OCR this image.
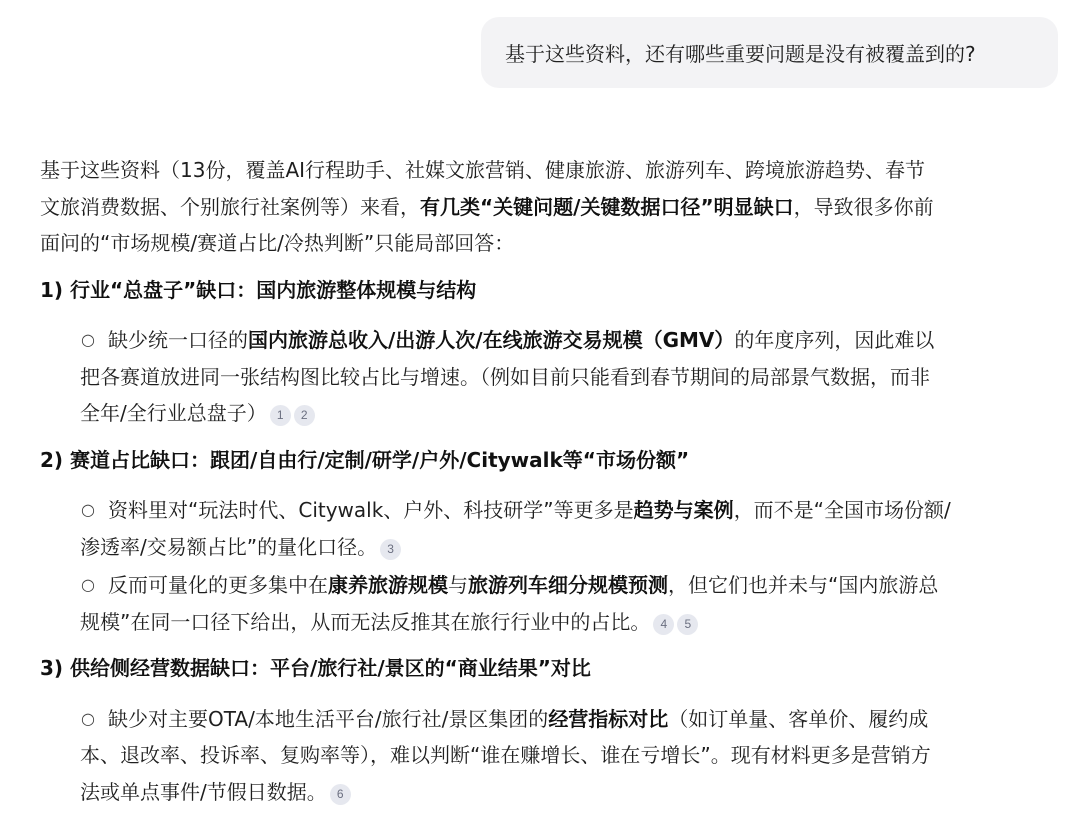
基于这些资料，还有哪些重要问题是没有被覆盖到的?

基于这些资料（13份，覆盖AI行程助手、社媒文旅营销、健康旅游、旅游列车、跨境旅游趋势、春节
文旅消费数据、个别旅行社案例等）来看，有几类“关键问题/关键数据口径”明显缺口，导致很多你前
面问的“市场规模/赛道占比/冷热判断”只能局部回答：

1) 行业“总盘子”缺口：国内旅游整体规模与结构

○ 缺少统一口径的国内旅游总收入/出游人次/在线旅游交易规模（GMV）的年度序列，因此难以
把各赛道放进同一张结构图比较占比与增速。（例如目前只能看到春节期间的局部景气数据，而非
全年/全行业总盘子） 1 2

2) 赛道占比缺口：跟团/自由行/定制/研学/户外/Citywalk等“市场份额”

○ 资料里对“玩法时代、Citywalk、户外、科技研学”等更多是趋势与案例，而不是“全国市场份额/
渗透率/交易额占比”的量化口径。 3

○ 反而可量化的更多集中在康养旅游规模与旅游列车细分规模预测，但它们也并未与“国内旅游总
规模”在同一口径下给出，从而无法反推其在旅行行业中的占比。 4 5

3) 供给侧经营数据缺口：平台/旅行社/景区的“商业结果”对比

○ 缺少对主要OTA/本地生活平台/旅行社/景区集团的经营指标对比（如订单量、客单价、履约成
本、退改率、投诉率、复购率等），难以判断“谁在赚增长、谁在亏增长”。现有材料更多是营销方
法或单点事件/节假日数据。 6
